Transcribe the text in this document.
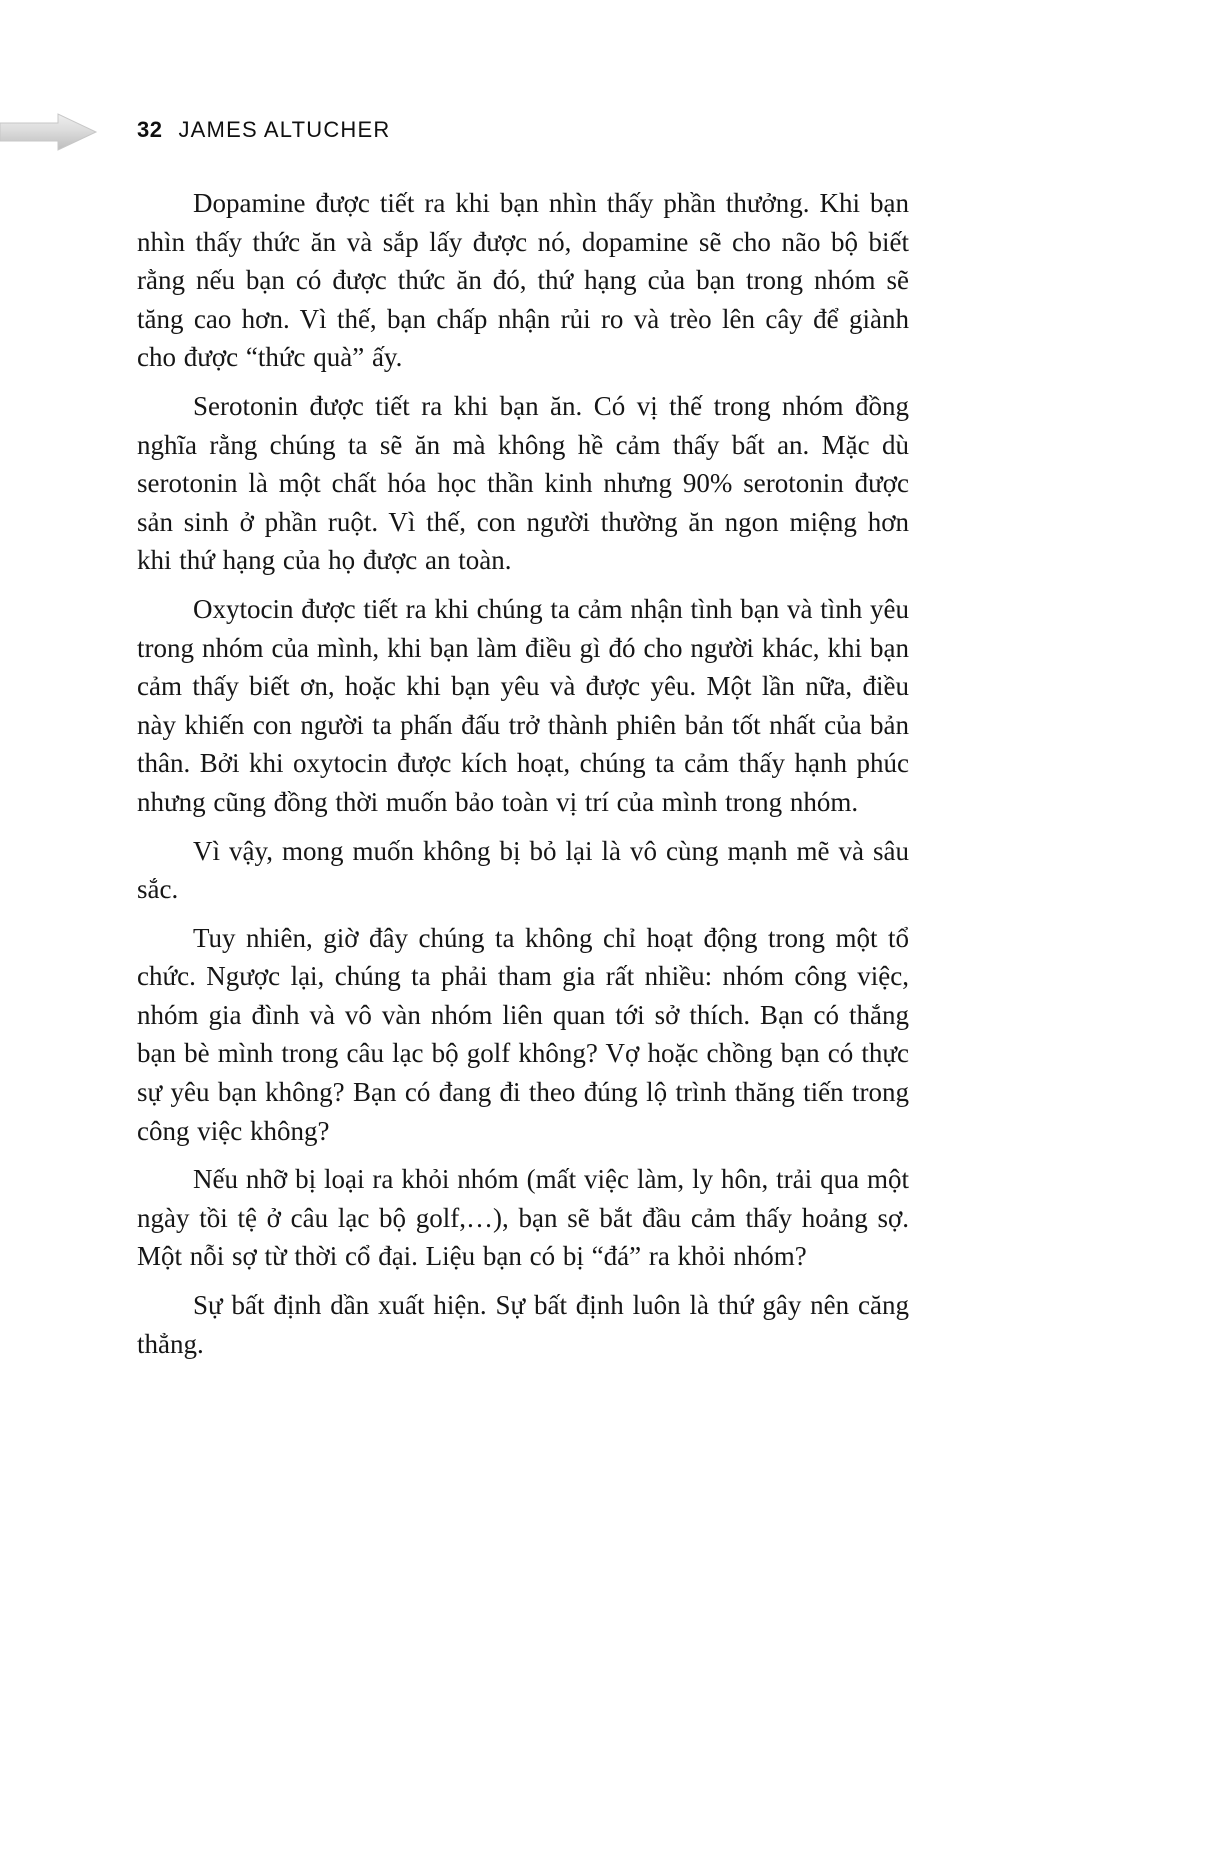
32 JAMES ALTUCHER

Dopamine được tiết ra khi bạn nhìn thấy phần thưởng. Khi bạn nhìn thấy thức ăn và sắp lấy được nó, dopamine sẽ cho não bộ biết rằng nếu bạn có được thức ăn đó, thứ hạng của bạn trong nhóm sẽ tăng cao hơn. Vì thế, bạn chấp nhận rủi ro và trèo lên cây để giành cho được “thức quà” ấy.

Serotonin được tiết ra khi bạn ăn. Có vị thế trong nhóm đồng nghĩa rằng chúng ta sẽ ăn mà không hề cảm thấy bất an. Mặc dù serotonin là một chất hóa học thần kinh nhưng 90% serotonin được sản sinh ở phần ruột. Vì thế, con người thường ăn ngon miệng hơn khi thứ hạng của họ được an toàn.

Oxytocin được tiết ra khi chúng ta cảm nhận tình bạn và tình yêu trong nhóm của mình, khi bạn làm điều gì đó cho người khác, khi bạn cảm thấy biết ơn, hoặc khi bạn yêu và được yêu. Một lần nữa, điều này khiến con người ta phấn đấu trở thành phiên bản tốt nhất của bản thân. Bởi khi oxytocin được kích hoạt, chúng ta cảm thấy hạnh phúc nhưng cũng đồng thời muốn bảo toàn vị trí của mình trong nhóm.

Vì vậy, mong muốn không bị bỏ lại là vô cùng mạnh mẽ và sâu sắc.

Tuy nhiên, giờ đây chúng ta không chỉ hoạt động trong một tổ chức. Ngược lại, chúng ta phải tham gia rất nhiều: nhóm công việc, nhóm gia đình và vô vàn nhóm liên quan tới sở thích. Bạn có thắng bạn bè mình trong câu lạc bộ golf không? Vợ hoặc chồng bạn có thực sự yêu bạn không? Bạn có đang đi theo đúng lộ trình thăng tiến trong công việc không?

Nếu nhỡ bị loại ra khỏi nhóm (mất việc làm, ly hôn, trải qua một ngày tồi tệ ở câu lạc bộ golf,…), bạn sẽ bắt đầu cảm thấy hoảng sợ. Một nỗi sợ từ thời cổ đại. Liệu bạn có bị “đá” ra khỏi nhóm?

Sự bất định dần xuất hiện. Sự bất định luôn là thứ gây nên căng thẳng.
